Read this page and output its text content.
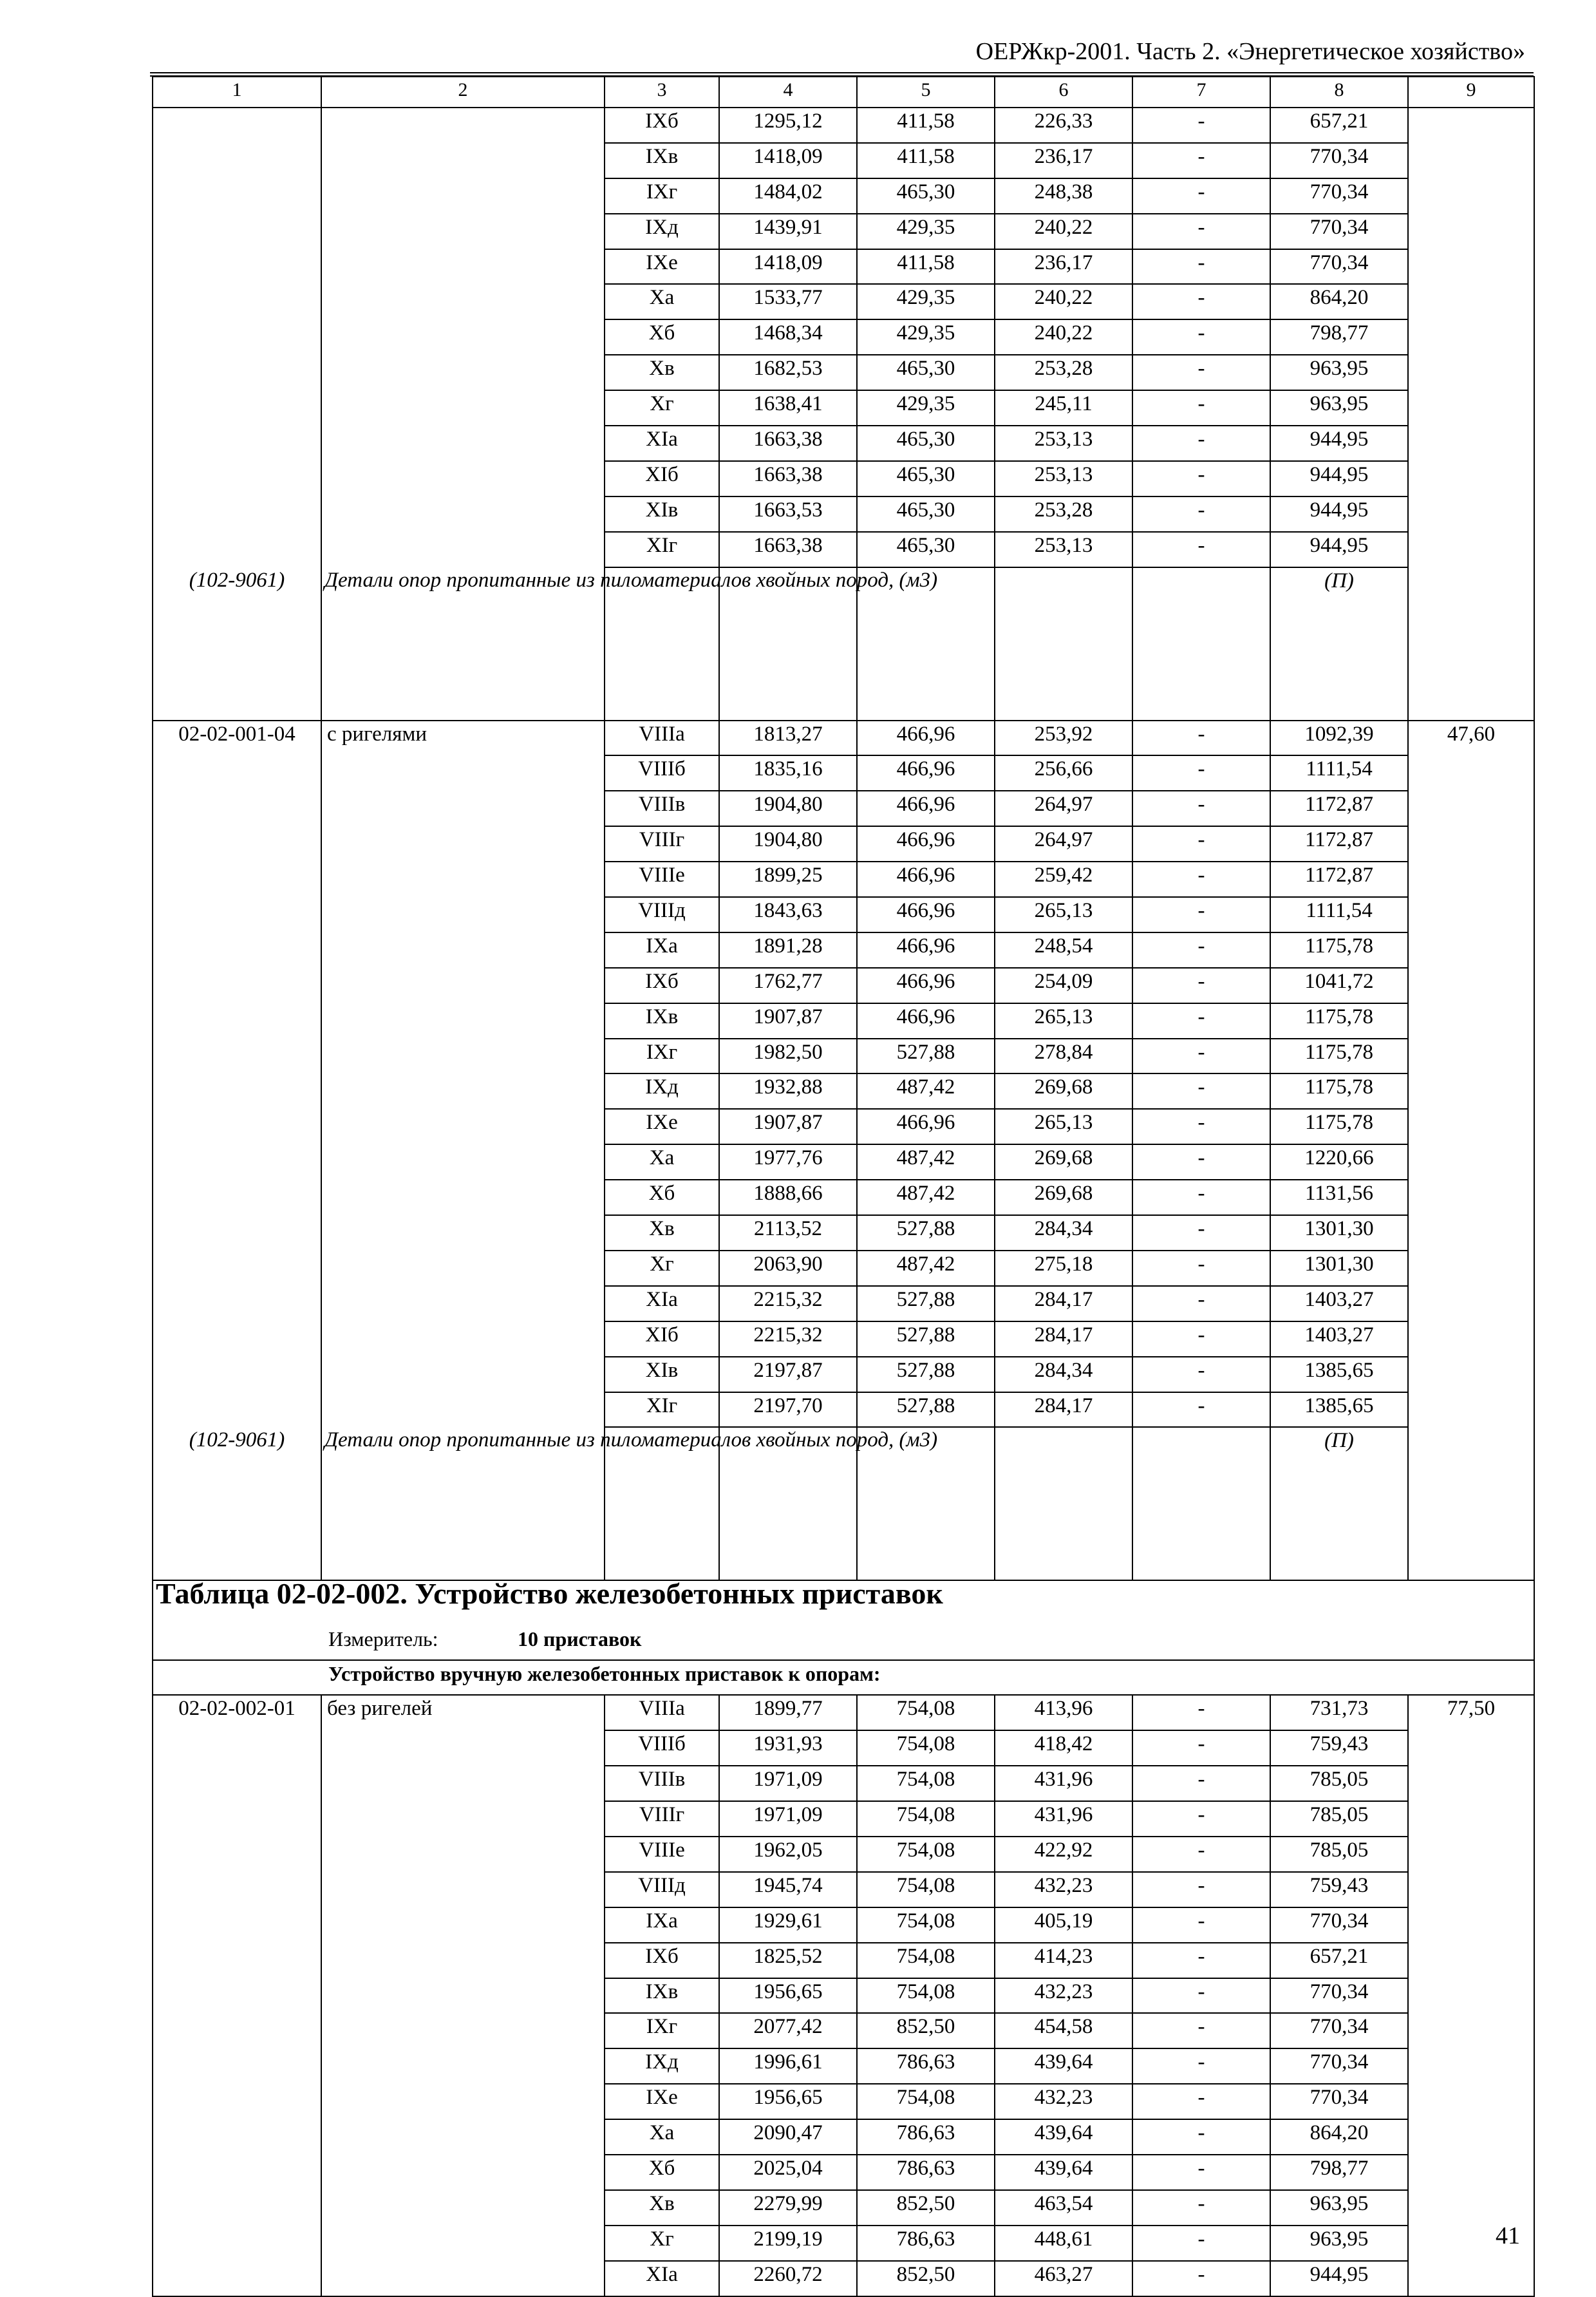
ОЕРЖкр-2001. Часть 2. «Энергетическое хозяйство»
1	2	3	4	5	6	7	8	9
		IXб	1295,12	411,58	226,33	-	657,21	
		IXв	1418,09	411,58	236,17	-	770,34	
		IXг	1484,02	465,30	248,38	-	770,34	
		IXд	1439,91	429,35	240,22	-	770,34	
		IXе	1418,09	411,58	236,17	-	770,34	
		Xа	1533,77	429,35	240,22	-	864,20	
		Xб	1468,34	429,35	240,22	-	798,77	
		Xв	1682,53	465,30	253,28	-	963,95	
		Xг	1638,41	429,35	245,11	-	963,95	
		XIа	1663,38	465,30	253,13	-	944,95	
		XIб	1663,38	465,30	253,13	-	944,95	
		XIв	1663,53	465,30	253,28	-	944,95	
		XIг	1663,38	465,30	253,13	-	944,95	
(102-9061)	Детали опор пропитанные из пиломатериалов хвойных пород, (м3)						(П)	
02-02-001-04	с ригелями	VIIIа	1813,27	466,96	253,92	-	1092,39	47,60
		VIIIб	1835,16	466,96	256,66	-	1111,54	
		VIIIв	1904,80	466,96	264,97	-	1172,87	
		VIIIг	1904,80	466,96	264,97	-	1172,87	
		VIIIе	1899,25	466,96	259,42	-	1172,87	
		VIIIд	1843,63	466,96	265,13	-	1111,54	
		IXа	1891,28	466,96	248,54	-	1175,78	
		IXб	1762,77	466,96	254,09	-	1041,72	
		IXв	1907,87	466,96	265,13	-	1175,78	
		IXг	1982,50	527,88	278,84	-	1175,78	
		IXд	1932,88	487,42	269,68	-	1175,78	
		IXе	1907,87	466,96	265,13	-	1175,78	
		Xа	1977,76	487,42	269,68	-	1220,66	
		Xб	1888,66	487,42	269,68	-	1131,56	
		Xв	2113,52	527,88	284,34	-	1301,30	
		Xг	2063,90	487,42	275,18	-	1301,30	
		XIа	2215,32	527,88	284,17	-	1403,27	
		XIб	2215,32	527,88	284,17	-	1403,27	
		XIв	2197,87	527,88	284,34	-	1385,65	
		XIг	2197,70	527,88	284,17	-	1385,65	
(102-9061)	Детали опор пропитанные из пиломатериалов хвойных пород, (м3)						(П)	
Таблица 02-02-002. Устройство железобетонных приставок								
Измеритель: 10 приставок								
Устройство вручную железобетонных приставок к опорам:								
02-02-002-01	без ригелей	VIIIа	1899,77	754,08	413,96	-	731,73	77,50
		VIIIб	1931,93	754,08	418,42	-	759,43	
		VIIIв	1971,09	754,08	431,96	-	785,05	
		VIIIг	1971,09	754,08	431,96	-	785,05	
		VIIIе	1962,05	754,08	422,92	-	785,05	
		VIIIд	1945,74	754,08	432,23	-	759,43	
		IXа	1929,61	754,08	405,19	-	770,34	
		IXб	1825,52	754,08	414,23	-	657,21	
		IXв	1956,65	754,08	432,23	-	770,34	
		IXг	2077,42	852,50	454,58	-	770,34	
		IXд	1996,61	786,63	439,64	-	770,34	
		IXе	1956,65	754,08	432,23	-	770,34	
		Xа	2090,47	786,63	439,64	-	864,20	
		Xб	2025,04	786,63	439,64	-	798,77	
		Xв	2279,99	852,50	463,54	-	963,95	
		Xг	2199,19	786,63	448,61	-	963,95	
		XIа	2260,72	852,50	463,27	-	944,95	
41
